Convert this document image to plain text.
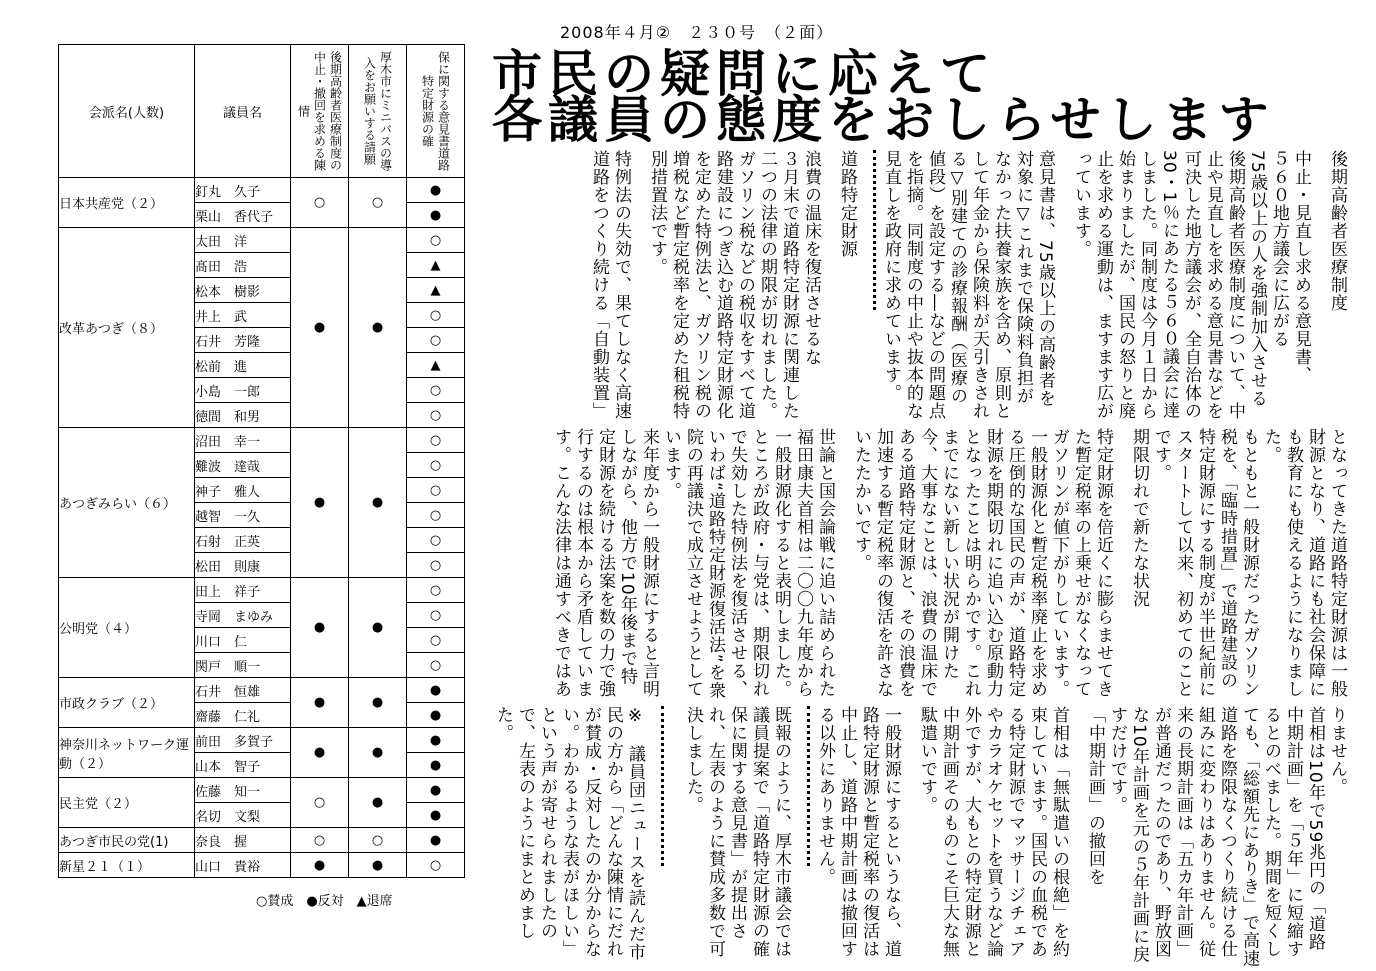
2008年４月②　２３０号　（２面）
市民の疑問に応えて
各議員の態度をおしらせします
会派名(人数)	議員名	後期高齢者医療制度の中止・撤回を求める陳情	厚木市にミニバスの導入をお願いする請願	保に関する意見書道路特定財源の確

日本共産党（２）	釘丸　久子	○	○	●
	栗山　香代子			●
改革あつぎ（８）	太田　洋	●	●	○
	髙田　浩			▲
	松本　樹影			▲
	井上　武			○
	石井　芳隆			○
	松前　進			▲
	小島　一郎			○
	徳間　和男			○
あつぎみらい（６）	沼田　幸一	●	●	○
	難波　達哉			○
	神子　雅人			○
	越智　一久			○
	石射　正英			○
	松田　則康			○
公明党（４）	田上　祥子	●	●	○
	寺岡　まゆみ			○
	川口　仁			○
	関戸　順一			○
市政クラブ（２）	石井　恒雄	●	●	●
	齋藤　仁礼			●
神奈川ネットワーク運動（２）	前田　多賀子	●	●	●
	山本　智子			●
民主党（２）	佐藤　知一	○	●	●
	名切　文梨			●
あつぎ市民の党(1)	奈良　握	○	○	●
新星２１（１）	山口　貴裕	●	●	○
○賛成　●反対　▲退席

後期高齢者医療制度

中止・見直し求める意見書、

５６０地方議会に広がる

75歳以上の人を強制加入させる後期高齢者医療制度について、中止や見直しを求める意見書などを可決した地方議会が、全自治体の30・1％にあたる５６０議会に達しました。同制度は今月１日から始まりましたが、国民の怒りと廃止を求める運動は、ますます広がっています。

意見書は、75歳以上の高齢者を対象に▽これまで保険料負担がなかった扶養家族を含め、原則として年金から保険料が天引きされる▽別建ての診療報酬（医療の値段）を設定する―などの問題点を指摘。同制度の中止や抜本的な見直しを政府に求めています。

道路特定財源

浪費の温床を復活させるな

３月末で道路特定財源に関連した二つの法律の期限が切れました。ガソリン税などの税収をすべて道路建設につぎ込む道路特定財源化を定めた特例法と、ガソリン税の増税など暫定税率を定めた租税特別措置法です。

特例法の失効で、果てしなく高速道路をつくり続ける「自動装置」

となってきた道路特定財源は一般財源となり、道路にも社会保障にも教育にも使えるようになりました。

もともと一般財源だったガソリン税を、「臨時措置」で道路建設の特定財源にする制度が半世紀前にスタートして以来、初めてのことです。

期限切れで新たな状況

特定財源を倍近くに膨らませてきた暫定税率の上乗せがなくなってガソリンが値下がりしています。一般財源化と暫定税率廃止を求める圧倒的な国民の声が、道路特定財源を期限切れに追い込む原動力となったことは明らかです。これまでにない新しい状況が開けた今、大事なことは、浪費の温床である道路特定財源と、その浪費を加速する暫定税率の復活を許さないたたかいです。

世論と国会論戦に追い詰められた福田康夫首相は二〇〇九年度から一般財源化すると表明しました。ところが政府・与党は、期限切れで失効した特例法を復活させる、いわば“道路特定財源復活法”を衆院の再議決で成立させようとしています。

来年度から一般財源にすると言明しながら、他方で10年後まで特定財源を続ける法案を数の力で強行するのは根本から矛盾していま す。こんな法律は通すべきではあ

りません。

首相は10年で59兆円の「道路中期計画」を「５年」に短縮するとのべました。期間を短くしても、「総額先にありき」で高速道路を際限なくつくり続ける仕組みに変わりはありません。従来の長期計画は「五カ年計画」が普通だったのであり、野放図な10年計画を元の５年計画に戻すだけです。

「中期計画」の撤回を

首相は「無駄遣いの根絶」を約束しています。国民の血税である特定財源でマッサージチェアやカラオケセットを買うなど論外ですが、大もとの特定財源と中期計画そのものこそ巨大な無駄遣いです。

一般財源にするというなら、道路特定財源と暫定税率の復活は中止し、道路中期計画は撤回する以外にありません。

既報のように、厚木市議会では議員提案で「道路特定財源の確保に関する意見書」が提出され、左表のように賛成多数で可決しました。

※　議員団ニュースを読んだ市民の方から「どんな陳情にだれが賛成・反対したのか分からない。わかるような表がほしい」という声が寄せられましたので、左表のようにまとめました。
